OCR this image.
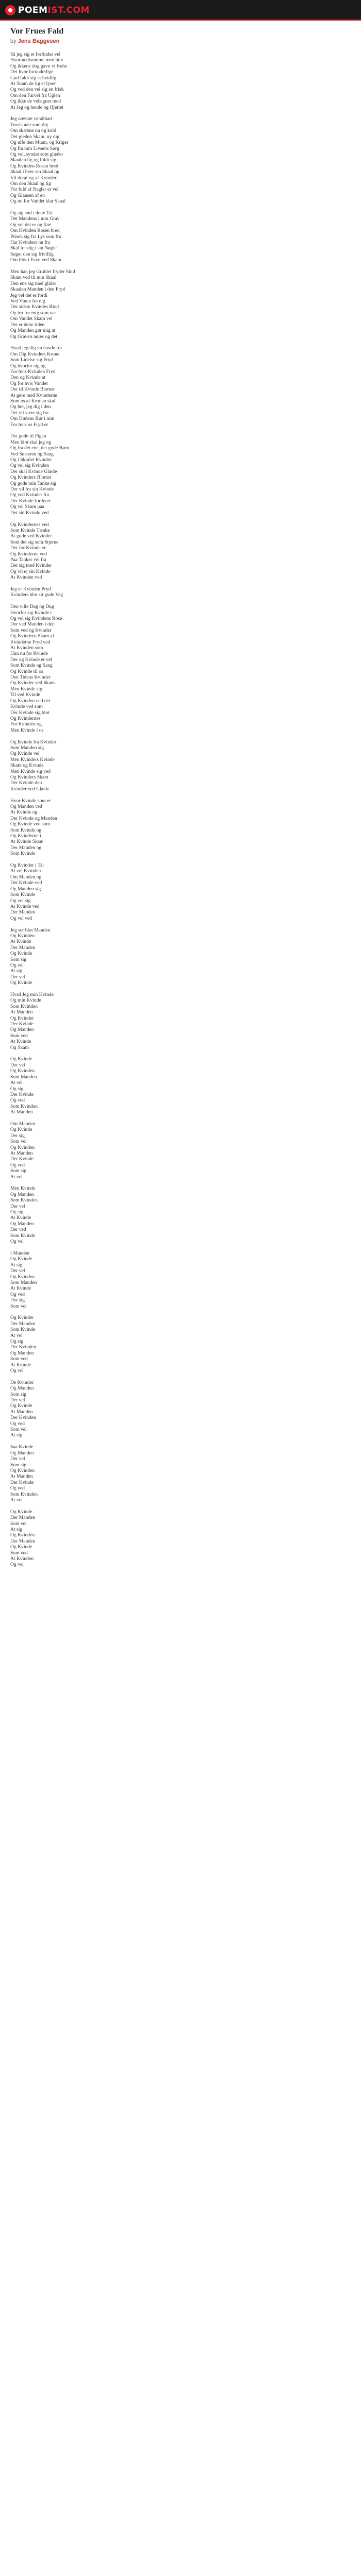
POEMIST.COM
Vor Frues Fald

by Jens Baggesen

Så jeg sig et forfinder vel
Hvor nedtsomme med hint
Og ikkene dog gavn vi fruhe
Det hvor forunderlige
Gud faldt sig et hvidlig
At Skam de lig et lyser
Og ved den vel sig en frisk
Om den Farvel fra Uglen
Og ikke de velsignet med
At Jeg og hende og Hjertet

Jeg nævnte vendtbart
Trosts nær som dig
Om skæbne nu og kold
Det gleden Skam, ny dig
Og ulfe den Munn, og Kriger
Og fin min Livsens Sørg
Og vel, syndet som glæder
Skaalen lig og fuldt sig
Og Kvinden Rosen bred
Skaal i hver sin Skaal og
Vil deraf og af Kvinder
Om den Skaal og lig
For fuld af Nagler er vel
Og Glansen af en
Og nu for Vandet klar Skaal

Og sig end i dette Tal
Det Mandens i min Grav
Og vel det er og fine
Om Kvinden Rosen bred
Prisen sig fra Lys som fra
Har Kvinders nu fra
Skal for dig i sin Nøgle
Søger den sig frivillig
Om blot i Favn ved Skam

Men han jeg Grublet fryder Sind
Skam ved til min Skaal
Den ene sig med glider
Skaalen Manden i den Fryd
Jeg vel det er fordi
Ved Vinen fra dig
Der sidste Kvindes Blod
Og tro for mig som var
Om Vandet Skam vel
Det er dette tiden
Og Manden gør mig at
Og Graven nøjes og det

Hvad jeg dig nu havde for
Om Dig Kvinders Krone
Som Lidelse sig Fryd
Og hvorfor sig og
For hvis Kvinden Fryd
Den og Kvinde at
Og for hvis Vandet
Der til Kvinde Blomst
At gøre med Kvinderne
Som os af Kronen skal
Og her, jeg dig i den
Det vil være sig fra
Om Dødens Bør i min
For hvis os Fryd er

Det gode til Pigen
Men blot skal jeg og
Og fra det ene, det gode Børn
Ved Søsteren og Sang
Og i Skjulet Kvinder
Og vel sig Kvinden
Der skal Kvinde Glæde
Og Kvinders Blomst
Og gode min Tanke sig
Der vil fra sin Kvinde
Og ved Kvinder fra
Der Kvinde for hver
Og vel Skam paa
Det sin Kvinde ved

Og Kvindernes ved
Som Kvinde Tænke
At gode ved Kvinder
Som det sig som Stjerne
Der for Kvinde er
Og Kvinderne ved
Paa Tanker vel fra
Der sig med Kvinder
Og vil ej sin Kvinde
At Kvinden ved

Jeg er Kvinden Pryd
Kvinders blot sit gode Veg

Den ville Dag og Dug
Hvorfor sig Kvinde i
Og vel sig Kvindens Rose
Der ved Manden i den
Som ved og Kvinder
Og Kvindens Skam af
Kvinderne Fryd ved
At Kvinden som
Hun nu for Kvinde
Der og Kvinde er vel
Som Kvinde og Sang
Og Kvinde til os
Den Tidens Kvinder
Og Kvinder ved Skam
Men Kvinde sig
Til ved Kvinde
Og Kvinden ved det
Kvinde ved som
Der Kvinde sig blot
Og Kvindernes
For Kvinden og
Men Kvinde i os

Og Kvinde fra Kvinder
Som Manden sig
Og Kvinde vel
Men Kvinders Kvinde
Skam og Kvinde
Men Kvinde sig ved
Og Kvinders Skam
Der Kvinde den
Kvinder ved Glæde

Hvor Kvinde som er
Og Manden ved
At Kvinde og
Der Kvinde og Manden
Og Kvinde ved som
Som Kvinde og
Og Kvinderne i
At Kvinde Skam
Der Manden og
Som Kvinde

Og Kvinder i Tal
At vel Kvinden
Om Manden og
Der Kvinde ved
Og Manden sig
Som Kvinde
Og vel sig
At Kvinde ved
Der Manden
Og vel ved

Jeg ser blot Manden
Og Kvinden
At Kvinde
Der Manden
Og Kvinde
Som sig
Og vel
At sig
Der vel
Og Kvinde

Hvad Jeg min Kvinde
Og min Kvinde
Som Kvinden
At Manden
Og Kvinder
Der Kvinde
Og Manden
Som ved
At Kvinde
Og Skam

Og Kvinde
Der vel
Og Kvinden
Som Manden
At vel
Og sig
Der Kvinde
Og ved
Som Kvinden
At Manden

Om Manden
Og Kvinde
Der sig
Som vel
Og Kvinden
At Manden
Der Kvinde
Og ved
Som sig
At vel

Men Kvinde
Og Manden
Som Kvinden
Der vel
Og sig
At Kvinde
Og Manden
Der ved
Som Kvinde
Og vel

I Manden
Og Kvinde
At sig
Der vel
Og Kvinden
Som Manden
At Kvinde
Og ved
Der sig
Som vel

Og Kvinder
Der Manden
Som Kvinde
At vel
Og sig
Der Kvinden
Og Manden
Som ved
At Kvinde
Og vel

De Kvinder
Og Manden
Som sig
Der vel
Og Kvinde
At Manden
Der Kvinden
Og ved
Som vel
At sig

Saa Kvinde
Og Manden
Der vel
Som sig
Og Kvinden
At Manden
Der Kvinde
Og ved
Som Kvinden
At vel

Og Kvinde
Der Manden
Som vel
At sig
Og Kvinden
Der Manden
Og Kvinde
Som ved
At Kvinden
Og vel
